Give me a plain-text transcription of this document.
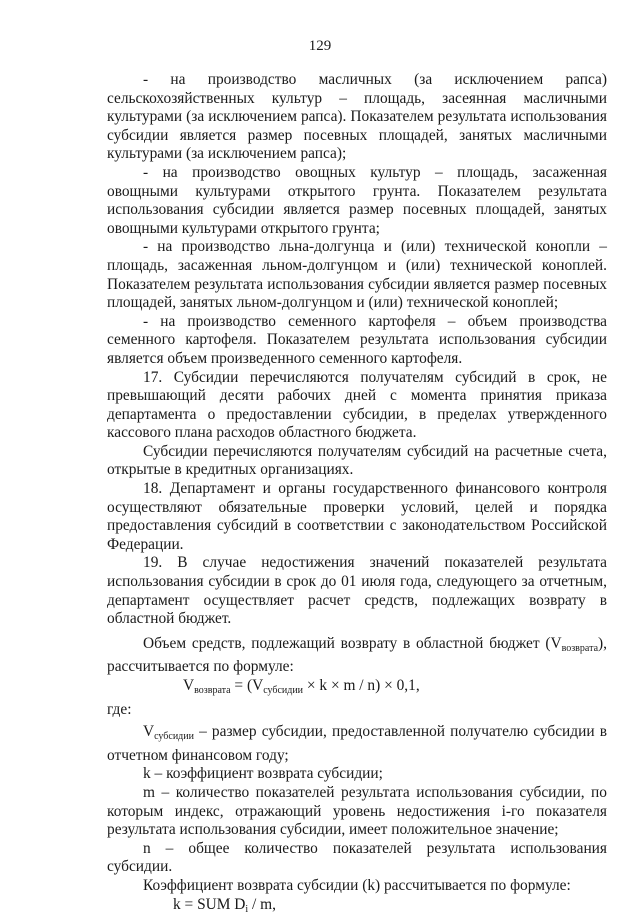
129

- на производство масличных (за исключением рапса) сельскохозяйственных культур – площадь, засеянная масличными культурами (за исключением рапса). Показателем результата использования субсидии является размер посевных площадей, занятых масличными культурами (за исключением рапса);

- на производство овощных культур – площадь, засаженная овощными культурами открытого грунта. Показателем результата использования субсидии является размер посевных площадей, занятых овощными культурами открытого грунта;

- на производство льна-долгунца и (или) технической конопли – площадь, засаженная льном-долгунцом и (или) технической коноплей. Показателем результата использования субсидии является размер посевных площадей, занятых льном-долгунцом и (или) технической коноплей;

- на производство семенного картофеля – объем производства семенного картофеля. Показателем результата использования субсидии является объем произведенного семенного картофеля.

17. Субсидии перечисляются получателям субсидий в срок, не превышающий десяти рабочих дней с момента принятия приказа департамента о предоставлении субсидии, в пределах утвержденного кассового плана расходов областного бюджета.

Субсидии перечисляются получателям субсидий на расчетные счета, открытые в кредитных организациях.

18. Департамент и органы государственного финансового контроля осуществляют обязательные проверки условий, целей и порядка предоставления субсидий в соответствии с законодательством Российской Федерации.

19. В случае недостижения значений показателей результата использования субсидии в срок до 01 июля года, следующего за отчетным, департамент осуществляет расчет средств, подлежащих возврату в областной бюджет.

Объем средств, подлежащий возврату в областной бюджет $(V_{возврата})$, рассчитывается по формуле:

$V_{возврата} = (V_{субсидии} \times k \times m / n) \times 0,1$,

где:

$V_{субсидии}$ – размер субсидии, предоставленной получателю субсидии в отчетном финансовом году;

k – коэффициент возврата субсидии;

m – количество показателей результата использования субсидии, по которым индекс, отражающий уровень недостижения i-го показателя результата использования субсидии, имеет положительное значение;

n – общее количество показателей результата использования субсидии.

Коэффициент возврата субсидии (k) рассчитывается по формуле:

k = SUM $D_i$ / m,
